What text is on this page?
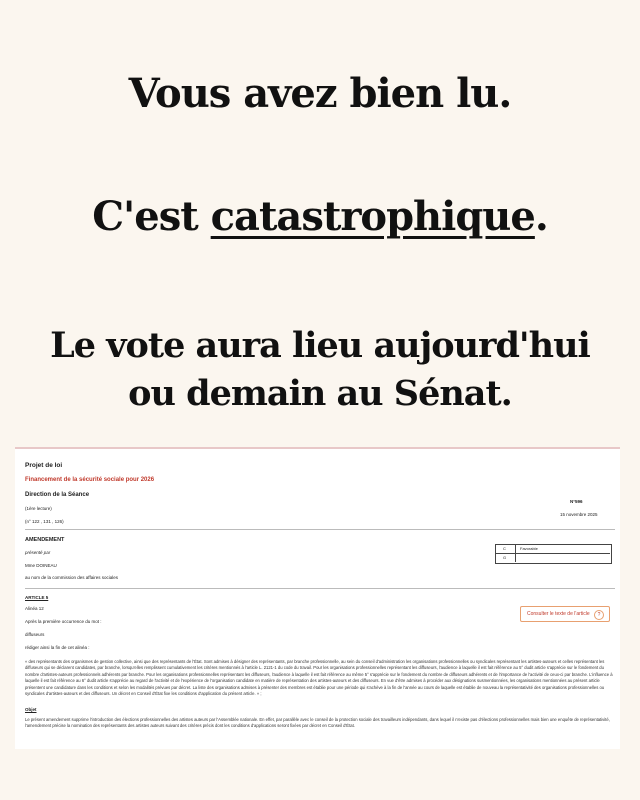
Vous avez bien lu.
C'est catastrophique.
Le vote aura lieu aujourd'hui
ou demain au Sénat.
Projet de loi
Financement de la sécurité sociale pour 2026
Direction de la Séance
(1ère lecture)
(n° 122 , 131 , 126)
N°596
15 novembre 2025
AMENDEMENT
présenté par
Mme DOINEAU
au nom de la commission des affaires sociales
C	Favorable
G
ARTICLE 5
Alinéa 12
Après la première occurrence du mot :
diffuseurs
rédiger ainsi la fin de cet alinéa :
Consulter le texte de l'article	?
« des représentants des organismes de gestion collective, ainsi que des représentants de l'État. Sont admises à désigner des représentants, par branche professionnelle, au sein du conseil d'administration les organisations professionnelles ou syndicales représentant les artistes-auteurs et celles représentant les diffuseurs qui se déclarent candidates, par branche, lorsqu'elles remplissent cumulativement les critères mentionnés à l'article L. 2121-1 du code du travail. Pour les organisations professionnelles représentant les diffuseurs, l'audience à laquelle il est fait référence au 5° dudit article s'apprécie sur le fondement du nombre d'artistes-auteurs professionnels adhérents par branche. Pour les organisations professionnelles représentant les diffuseurs, l'audience à laquelle il est fait référence au même 5° s'apprécie sur le fondement du nombre de diffuseurs adhérents et de l'importance de l'activité de ceux-ci par branche. L'influence à laquelle il est fait référence au 6° dudit article s'apprécie au regard de l'activité et de l'expérience de l'organisation candidate en matière de représentation des artistes-auteurs et des diffuseurs. En vue d'être admises à procéder aux désignations susmentionnées, les organisations mentionnées au présent article présentent une candidature dans les conditions et selon les modalités prévues par décret. La liste des organisations admises à présenter des membres est établie pour une période qui s'achève à la fin de l'année au cours de laquelle est établie de nouveau la représentativité des organisations professionnelles ou syndicales d'artistes-auteurs et des diffuseurs. Un décret en Conseil d'État fixe les conditions d'application du présent article. » ;
Objet
Le présent amendement supprime l'introduction des élections professionnelles des artistes auteurs par l'Assemblée nationale. En effet, par parallèle avec le conseil de la protection sociale des travailleurs indépendants, dans lequel il n'existe pas d'élections professionnelles mais bien une enquête de représentativité, l'amendement précise la nomination des représentants des artistes auteurs suivant des critères précis dont les conditions d'applications seront fixées par décret en Conseil d'État.
